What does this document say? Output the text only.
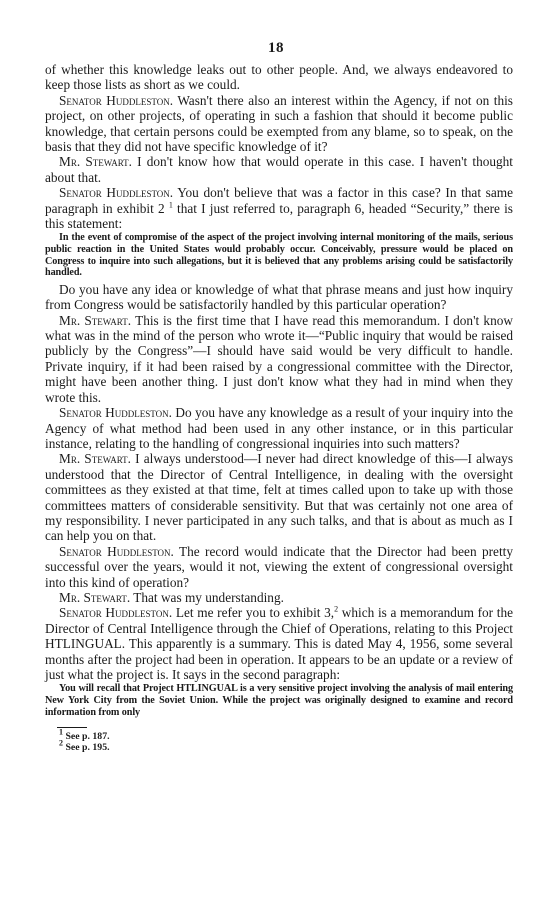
18

of whether this knowledge leaks out to other people. And, we always endeavored to keep those lists as short as we could.

Senator Huddleston. Wasn't there also an interest within the Agency, if not on this project, on other projects, of operating in such a fashion that should it become public knowledge, that certain persons could be exempted from any blame, so to speak, on the basis that they did not have specific knowledge of it?

Mr. Stewart. I don't know how that would operate in this case. I haven't thought about that.

Senator Huddleston. You don't believe that was a factor in this case? In that same paragraph in exhibit 2 $^1$ that I just referred to, paragraph 6, headed “Security,” there is this statement:

In the event of compromise of the aspect of the project involving internal monitoring of the mails, serious public reaction in the United States would probably occur. Conceivably, pressure would be placed on Congress to inquire into such allegations, but it is believed that any problems arising could be satisfactorily handled.

Do you have any idea or knowledge of what that phrase means and just how inquiry from Congress would be satisfactorily handled by this particular operation?

Mr. Stewart. This is the first time that I have read this memorandum. I don't know what was in the mind of the person who wrote it—“Public inquiry that would be raised publicly by the Congress”—I should have said would be very difficult to handle. Private inquiry, if it had been raised by a congressional committee with the Director, might have been another thing. I just don't know what they had in mind when they wrote this.

Senator Huddleston. Do you have any knowledge as a result of your inquiry into the Agency of what method had been used in any other instance, or in this particular instance, relating to the handling of congressional inquiries into such matters?

Mr. Stewart. I always understood—I never had direct knowledge of this—I always understood that the Director of Central Intelligence, in dealing with the oversight committees as they existed at that time, felt at times called upon to take up with those committees matters of considerable sensitivity. But that was certainly not one area of my responsibility. I never participated in any such talks, and that is about as much as I can help you on that.

Senator Huddleston. The record would indicate that the Director had been pretty successful over the years, would it not, viewing the extent of congressional oversight into this kind of operation?

Mr. Stewart. That was my understanding.

Senator Huddleston. Let me refer you to exhibit 3,$^2$ which is a memorandum for the Director of Central Intelligence through the Chief of Operations, relating to this Project HTLINGUAL. This apparently is a summary. This is dated May 4, 1956, some several months after the project had been in operation. It appears to be an update or a review of just what the project is. It says in the second paragraph:

You will recall that Project HTLINGUAL is a very sensitive project involving the analysis of mail entering New York City from the Soviet Union. While the project was originally designed to examine and record information from only

$^1$ See p. 187.

$^2$ See p. 195.
